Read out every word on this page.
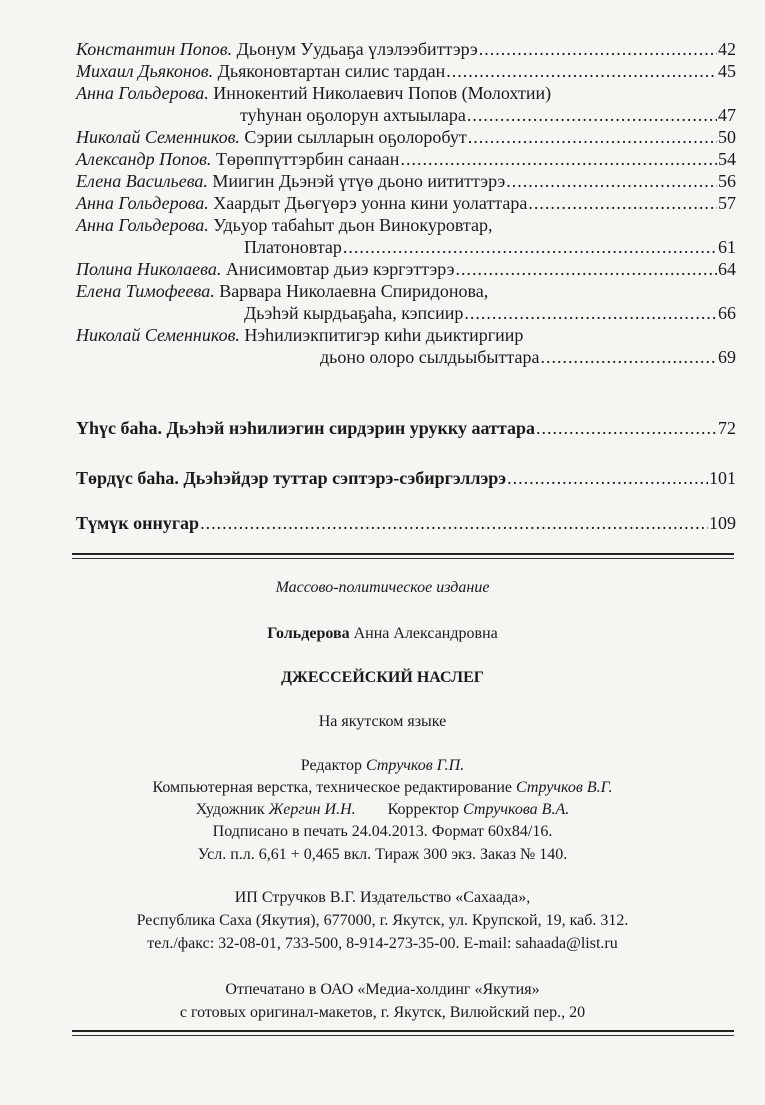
Константин Попов.
Дьонум Уудьаҕа үлэлээбиттэрэ .....	42
Михаил Дьяконов.
Дьяконовтартан силис тардан .....	45
Анна Гольдерова.
Иннокентий Николаевич Попов (Молохтии)
туһунан оҕолорун ахтыылара .....	47
Николай Семенников.
Сэрии сылларын оҕолоробут .....	50
Александр Попов.
Төрөппүттэрбин санаан .....	54
Елена Васильева.
Миигин Дьэнэй үтүө дьоно иититтэрэ .....	56
Анна Гольдерова.
Хаардыт Дьөгүөрэ уонна кини уолаттара .....	57
Анна Гольдерова.
Удьуор табаһыт дьон Винокуровтар,
Платоновтар .....	61
Полина Николаева.
Анисимовтар дьиэ кэргэттэрэ .....	64
Елена Тимофеева.
Варвара Николаевна Спиридонова,
Дьэһэй кырдьаҕаһа, кэпсиир .....	66
Николай Семенников.
Нэһилиэкпитигэр киһи дьиктиргиир
дьоно олоро сылдьыбыттара .....	69
Үһүс баһа. Дьэһэй нэһилиэгин сирдэрин урукку ааттара .....	72
Төрдүс баһа. Дьэһэйдэр туттар сэптэрэ-сэбиргэллэрэ .....	101
Түмүк оннугар .....	109
Массово-политическое издание
Гольдерова Анна Александровна
ДЖЕССЕЙСКИЙ НАСЛЕГ
На якутском языке
Редактор Стручков Г.П.
Компьютерная верстка, техническое редактирование Стручков В.Г.
Художник Жергин И.Н. Корректор Стручкова В.А.
Подписано в печать 24.04.2013. Формат 60x84/16.
Усл. п.л. 6,61 + 0,465 вкл. Тираж 300 экз. Заказ № 140.
ИП Стручков В.Г. Издательство «Сахаада»,
Республика Саха (Якутия), 677000, г. Якутск, ул. Крупской, 19, каб. 312.
тел./факс: 32-08-01, 733-500, 8-914-273-35-00. E-mail: sahaada@list.ru
Отпечатано в ОАО «Медиа-холдинг «Якутия»
с готовых оригинал-макетов, г. Якутск, Вилюйский пер., 20
